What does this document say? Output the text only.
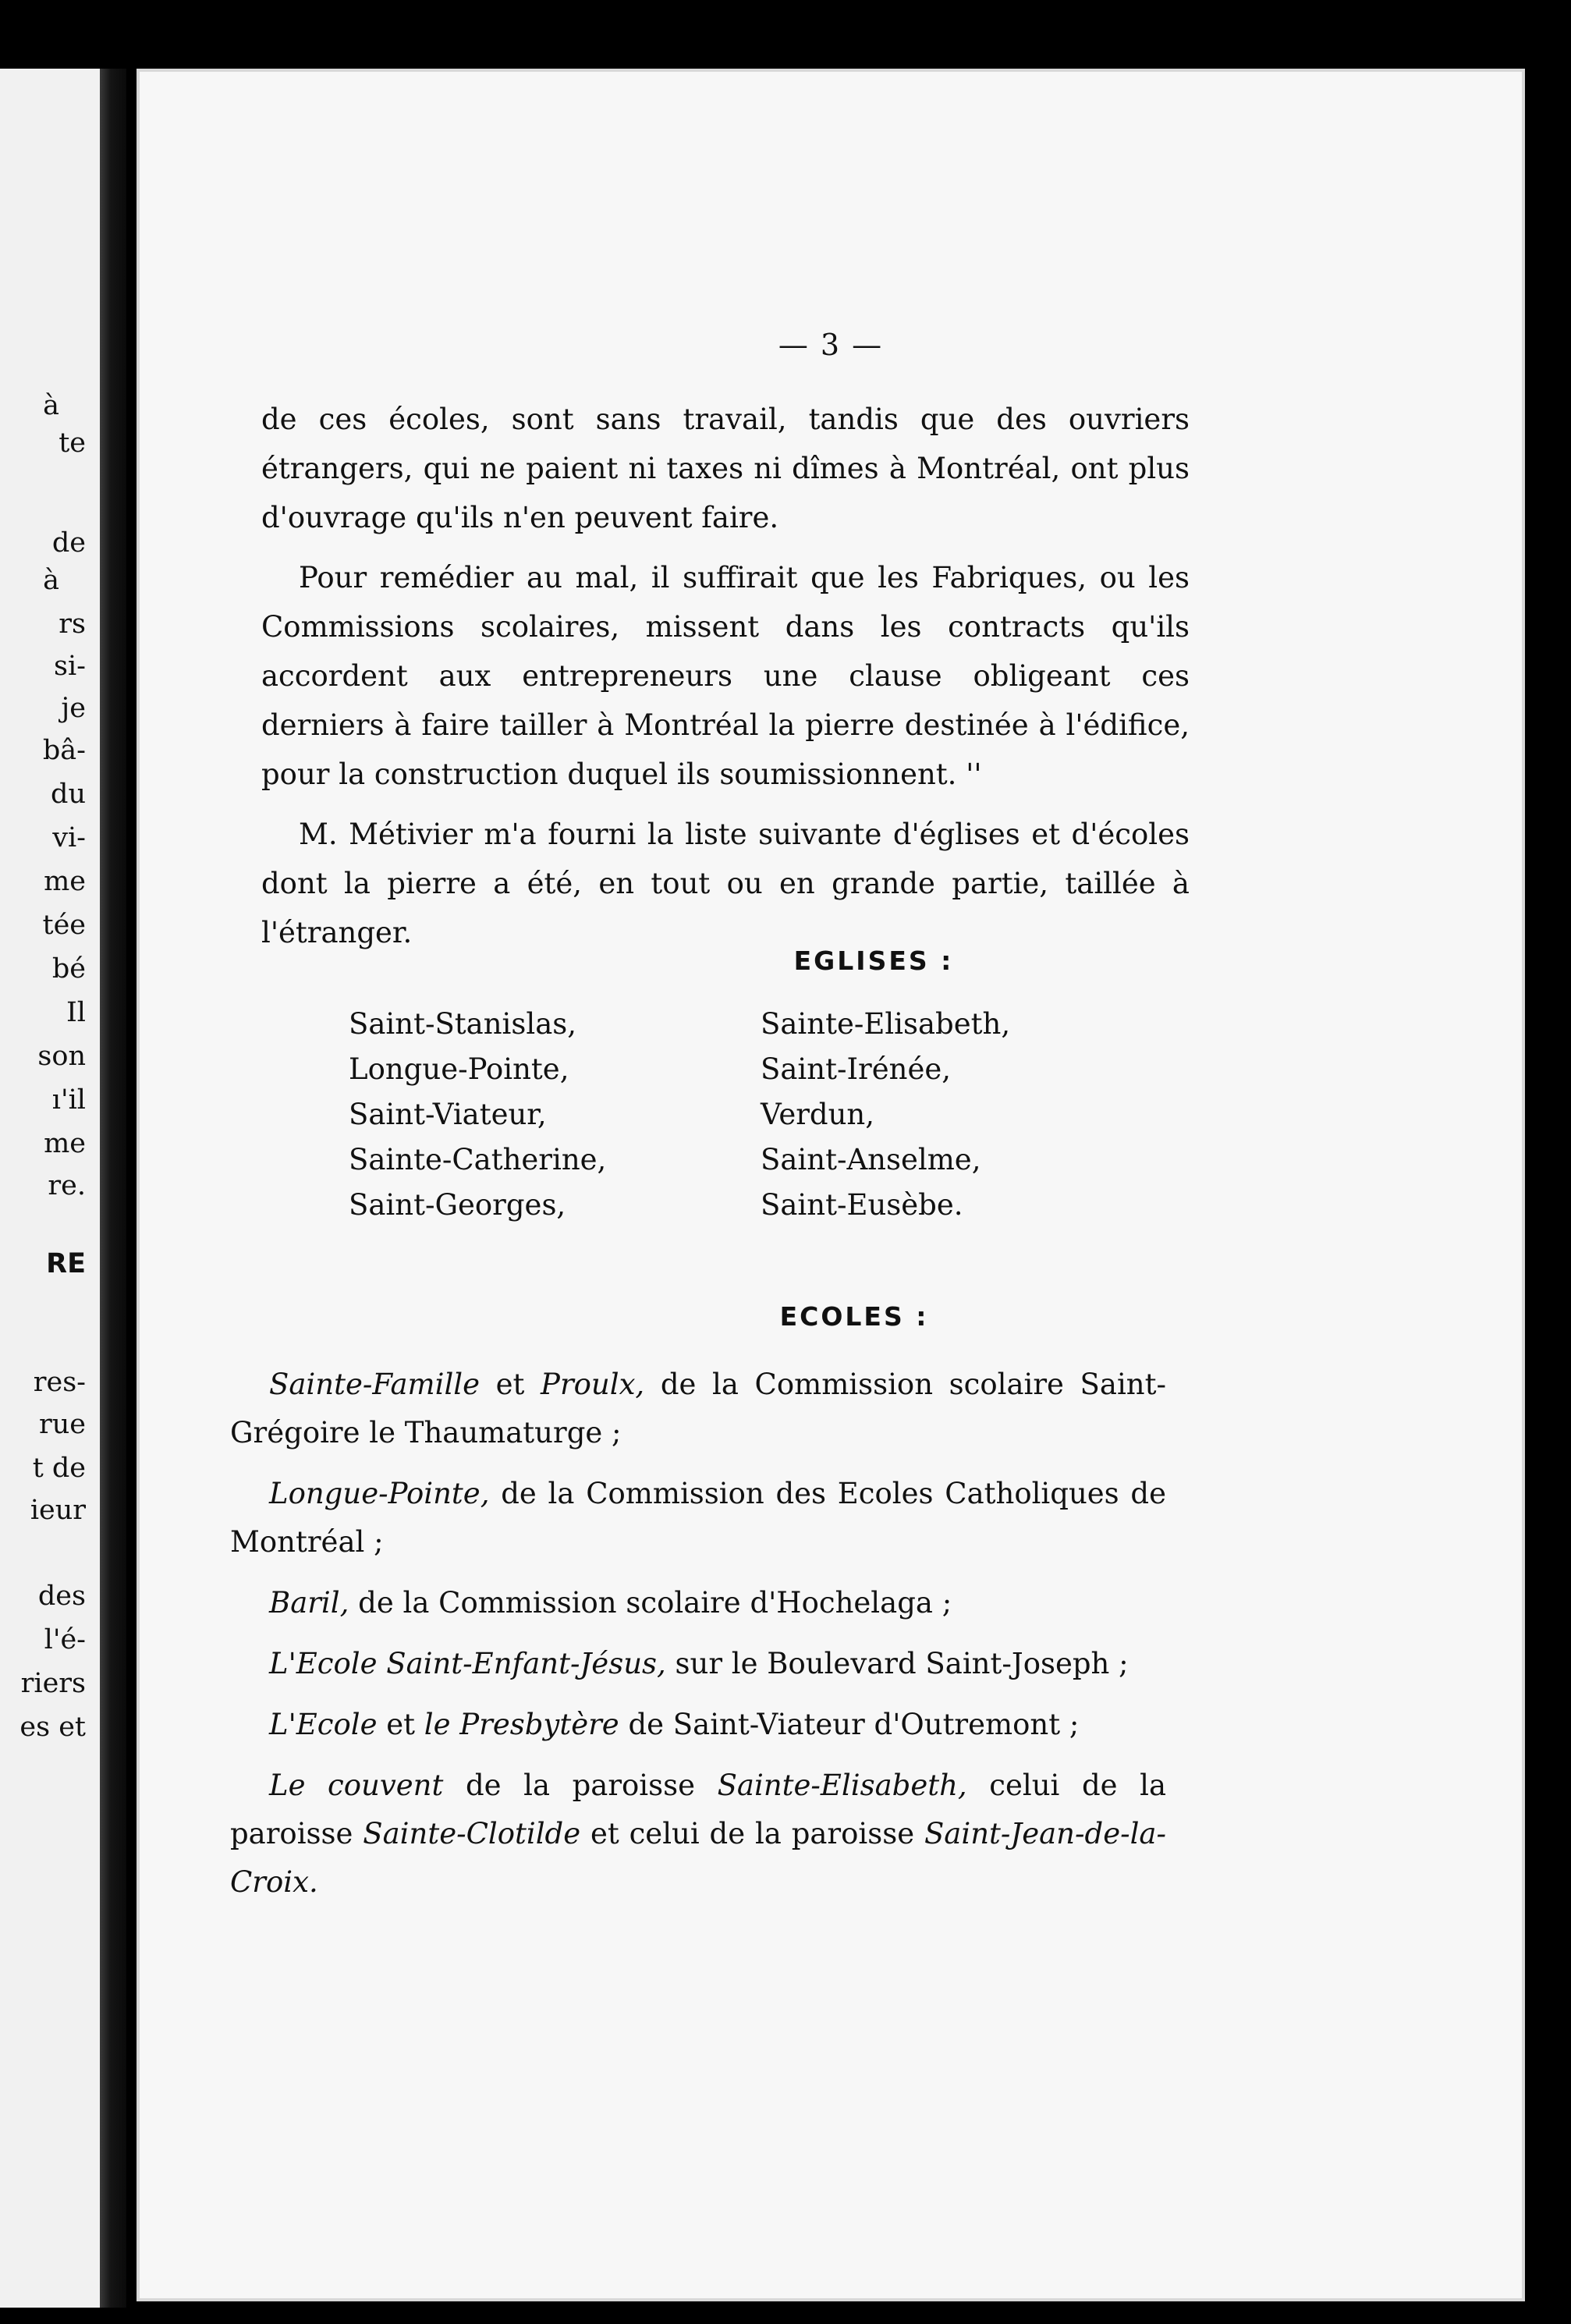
à
te
de
à
rs
si-
je
bâ-
du
vi-
me
tée
bé
Il
son
ı'il
me
re.
RE
res-
rue
t de
ieur
des
l'é-
riers
es et
— 3 —

de ces écoles, sont sans travail, tandis que des ouvriers étrangers, qui ne paient ni taxes ni dîmes à Montréal, ont plus d'ouvrage qu'ils n'en peuvent faire.

Pour remédier au mal, il suffirait que les Fabriques, ou les Commissions scolaires, missent dans les contracts qu'ils accordent aux entrepreneurs une clause obligeant ces derniers à faire tailler à Montréal la pierre destinée à l'édifice, pour la construction duquel ils soumissionnent. ''

M. Métivier m'a fourni la liste suivante d'églises et d'écoles dont la pierre a été, en tout ou en grande partie, taillée à l'étranger.

EGLISES :
Saint-Stanislas,
Longue-Pointe,
Saint-Viateur,
Sainte-Catherine,
Saint-Georges,
Sainte-Elisabeth,
Saint-Irénée,
Verdun,
Saint-Anselme,
Saint-Eusèbe.
ECOLES :

Sainte-Famille et Proulx, de la Commission scolaire Saint-Grégoire le Thaumaturge ;

Longue-Pointe, de la Commission des Ecoles Catholiques de Montréal ;

Baril, de la Commission scolaire d'Hochelaga ;

L'Ecole Saint-Enfant-Jésus, sur le Boulevard Saint-Joseph ;

L'Ecole et le Presbytère de Saint-Viateur d'Outremont ;

Le couvent de la paroisse Sainte-Elisabeth, celui de la paroisse Sainte-Clotilde et celui de la paroisse Saint-Jean-de-la-Croix.
